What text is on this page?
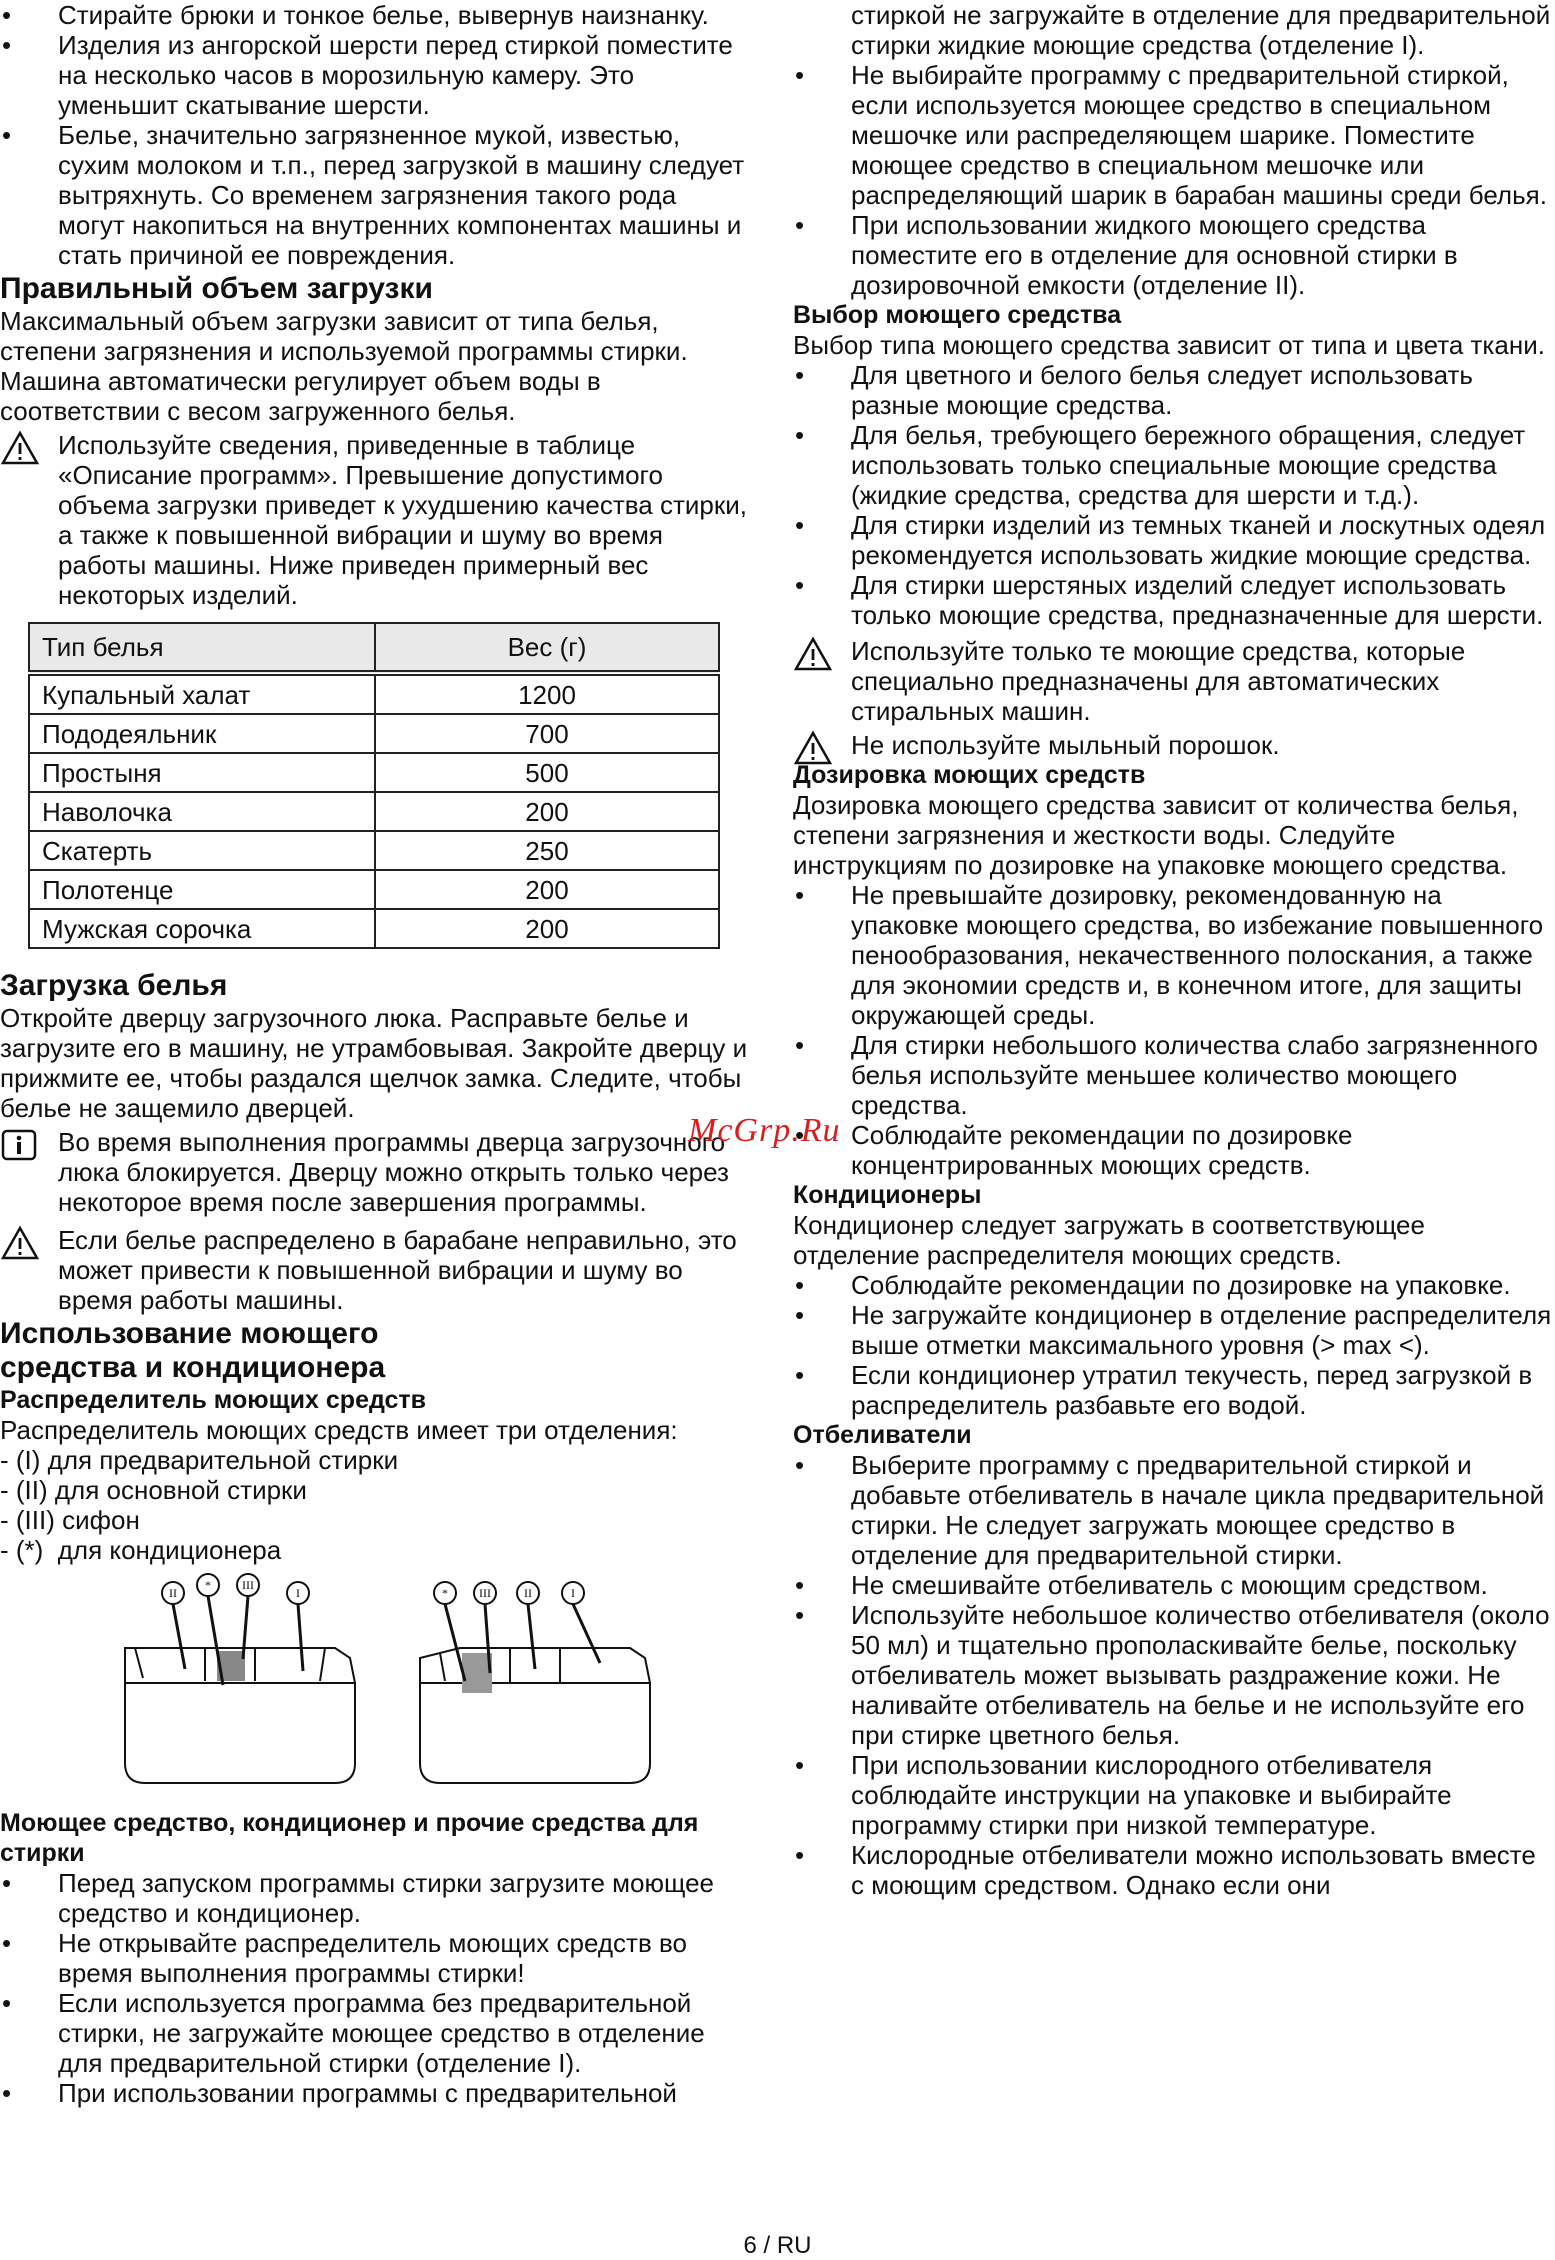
• Стирайте брюки и тонкое белье, вывернув наизнанку.

• Изделия из ангорской шерсти перед стиркой поместите на несколько часов в морозильную камеру. Это уменьшит скатывание шерсти.

• Белье, значительно загрязненное мукой, известью, сухим молоком и т.п., перед загрузкой в машину следует вытряхнуть. Со временем загрязнения такого рода могут накопиться на внутренних компонентах машины и стать причиной ее повреждения.

Правильный объем загрузки

Максимальный объем загрузки зависит от типа белья, степени загрязнения и используемой программы стирки. Машина автоматически регулирует объем воды в соответствии с весом загруженного белья.

Используйте сведения, приведенные в таблице «Описание программ». Превышение допустимого объема загрузки приведет к ухудшению качества стирки, а также к повышенной вибрации и шуму во время работы машины. Ниже приведен примерный вес некоторых изделий.

Тип белья	Вес (г)
Купальный халат	1200
Пододеяльник	700
Простыня	500
Наволочка	200
Скатерть	250
Полотенце	200
Мужская сорочка	200
Загрузка белья

Откройте дверцу загрузочного люка. Расправьте белье и загрузите его в машину, не утрамбовывая. Закройте дверцу и прижмите ее, чтобы раздался щелчок замка. Следите, чтобы белье не защемило дверцей.

Во время выполнения программы дверца загрузочного люка блокируется. Дверцу можно открыть только через некоторое время после завершения программы.

Если белье распределено в барабане неправильно, это может привести к повышенной вибрации и шуму во время работы машины.

Использование моющего средства и кондиционера
Распределитель моющих средств

Распределитель моющих средств имеет три отделения:

- (I) для предварительной стирки

- (II) для основной стирки

- (III) сифон

- (*)  для кондиционера

II
*	III
I	*	III	II	I
Моющее средство, кондиционер и прочие средства для стирки

• Перед запуском программы стирки загрузите моющее средство и кондиционер.

• Не открывайте распределитель моющих средств во время выполнения программы стирки!

• Если используется программа без предварительной стирки, не загружайте моющее средство в отделение для предварительной стирки (отделение I).

• При использовании программы с предварительной

стиркой не загружайте в отделение для предварительной стирки жидкие моющие средства (отделение I).

• Не выбирайте программу с предварительной стиркой, если используется моющее средство в специальном мешочке или распределяющем шарике. Поместите моющее средство в специальном мешочке или распределяющий шарик в барабан машины среди белья.

• При использовании жидкого моющего средства поместите его в отделение для основной стирки в дозировочной емкости (отделение II).

Выбор моющего средства

Выбор типа моющего средства зависит от типа и цвета ткани.

• Для цветного и белого белья следует использовать разные моющие средства.

• Для белья, требующего бережного обращения, следует использовать только специальные моющие средства (жидкие средства, средства для шерсти и т.д.).

• Для стирки изделий из темных тканей и лоскутных одеял рекомендуется использовать жидкие моющие средства.

• Для стирки шерстяных изделий следует использовать только моющие средства, предназначенные для шерсти.

Используйте только те моющие средства, которые специально предназначены для автоматических стиральных машин.

Не используйте мыльный порошок.

Дозировка моющих средств

Дозировка моющего средства зависит от количества белья, степени загрязнения и жесткости воды. Следуйте инструкциям по дозировке на упаковке моющего средства.

• Не превышайте дозировку, рекомендованную на упаковке моющего средства, во избежание повышенного пенообразования, некачественного полоскания, а также для экономии средств и, в конечном итоге, для защиты окружающей среды.

• Для стирки небольшого количества слабо загрязненного белья используйте меньшее количество моющего средства.

• Соблюдайте рекомендации по дозировке концентрированных моющих средств.

Кондиционеры

Кондиционер следует загружать в соответствующее отделение распределителя моющих средств.

• Соблюдайте рекомендации по дозировке на упаковке.

• Не загружайте кондиционер в отделение распределителя выше отметки максимального уровня (> max <).

• Если кондиционер утратил текучесть, перед загрузкой в распределитель разбавьте его водой.

Отбеливатели

• Выберите программу с предварительной стиркой и добавьте отбеливатель в начале цикла предварительной стирки. Не следует загружать моющее средство в отделение для предварительной стирки.

• Не смешивайте отбеливатель с моющим средством.

• Используйте небольшое количество отбеливателя (около 50 мл) и тщательно прополаскивайте белье, поскольку отбеливатель может вызывать раздражение кожи. Не наливайте отбеливатель на белье и не используйте его при стирке цветного белья.

• При использовании кислородного отбеливателя соблюдайте инструкции на упаковке и выбирайте программу стирки при низкой температуре.

• Кислородные отбеливатели можно использовать вместе с моющим средством. Однако если они

McGrp.Ru
6 / RU
